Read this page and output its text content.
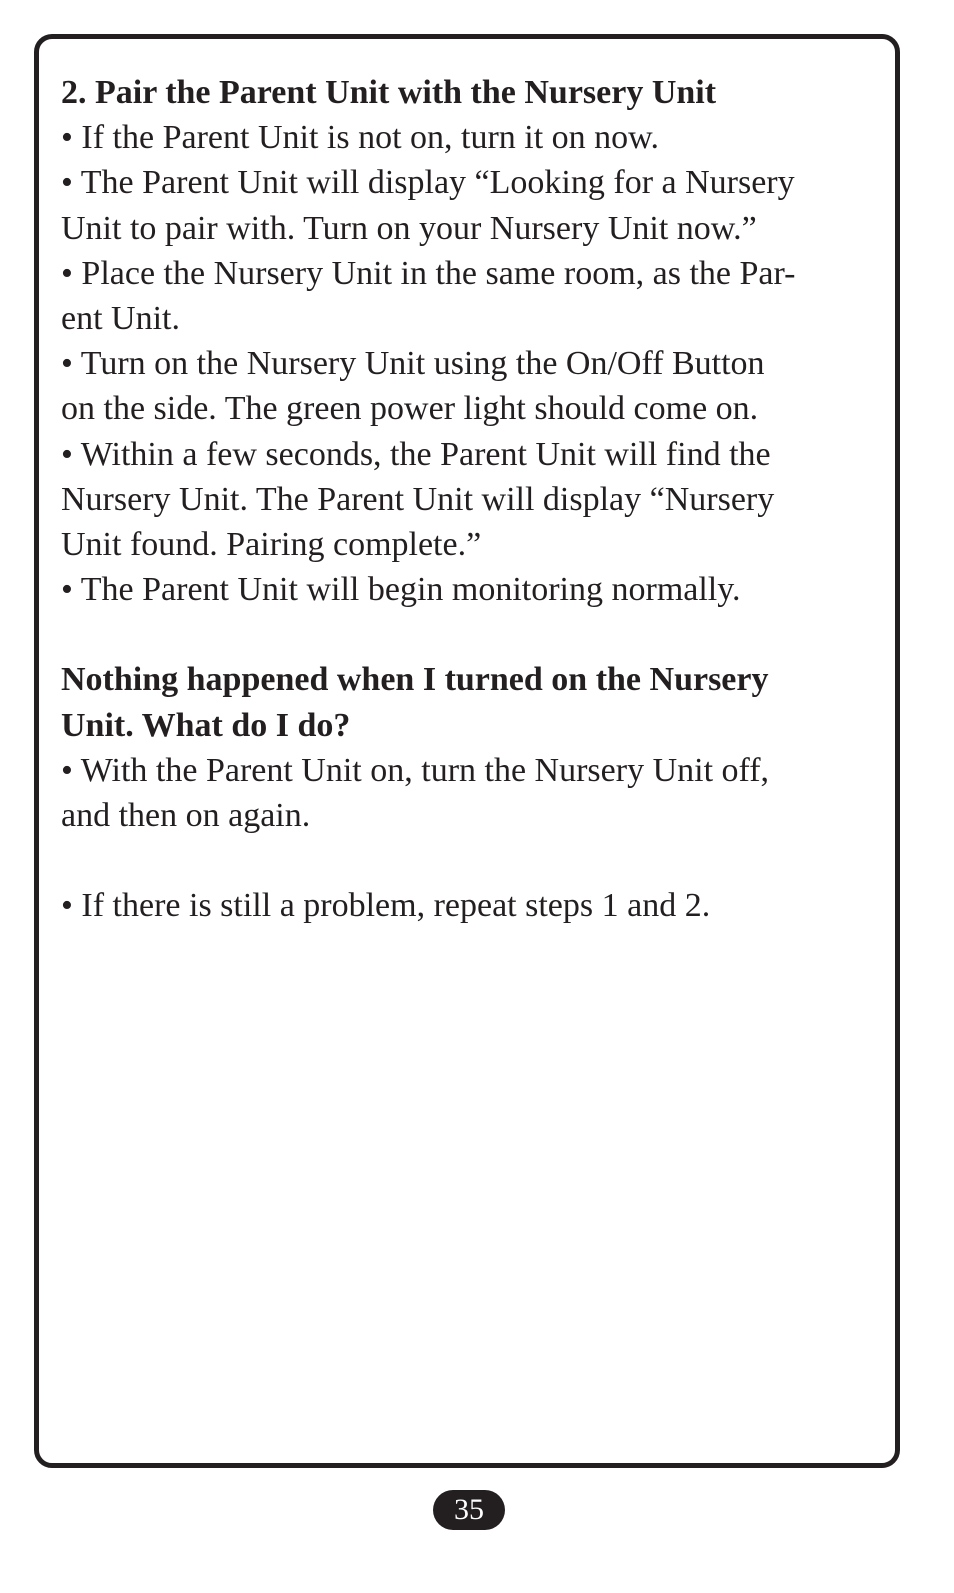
2. Pair the Parent Unit with the Nursery Unit

• If the Parent Unit is not on, turn it on now.

• The Parent Unit will display “Looking for a Nursery

Unit to pair with. Turn on your Nursery Unit now.”

• Place the Nursery Unit in the same room, as the Par-

ent Unit.

• Turn on the Nursery Unit using the On/Off Button

on the side. The green power light should come on.

• Within a few seconds, the Parent Unit will find the

Nursery Unit. The Parent Unit will display “Nursery

Unit found. Pairing complete.”

• The Parent Unit will begin monitoring normally.

Nothing happened when I turned on the Nursery

Unit. What do I do?

• With the Parent Unit on, turn the Nursery Unit off,

and then on again.

• If there is still a problem, repeat steps 1 and 2.

35
